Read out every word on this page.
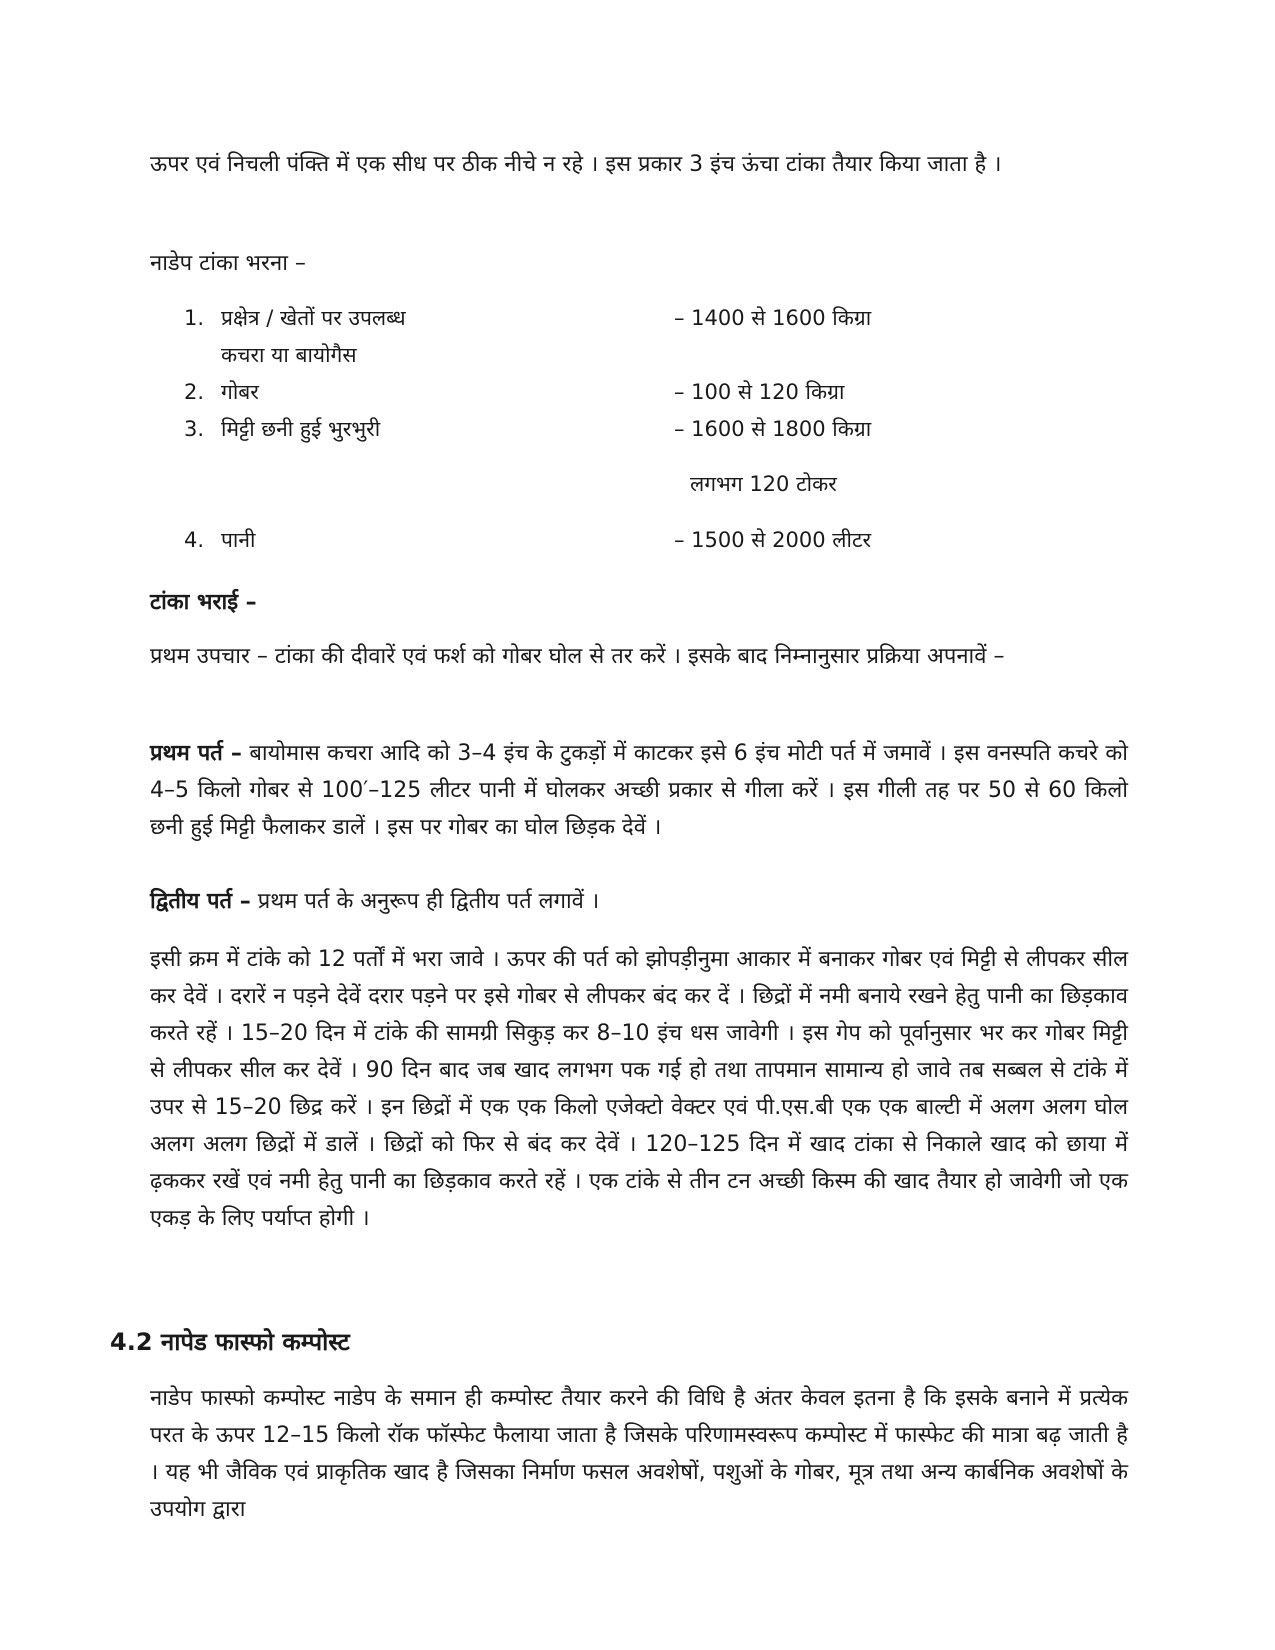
ऊपर एवं निचली पंक्ति में एक सीध पर ठीक नीचे न रहे । इस प्रकार 3 इंच ऊंचा टांका तैयार किया जाता है ।

नाडेप टांका भरना –

1. प्रक्षेत्र / खेतों पर उपलब्ध	– 1400 से 1600 किग्रा
कचरा या बायोगैस
2. गोबर	– 100 से 120 किग्रा
3. मिट्टी छनी हुई भुरभुरी	– 1600 से 1800 किग्रा
लगभग 120 टोकर
4. पानी	– 1500 से 2000 लीटर

टांका भराई –

प्रथम उपचार – टांका की दीवारें एवं फर्श को गोबर घोल से तर करें । इसके बाद निम्नानुसार प्रक्रिया अपनावें –

प्रथम पर्त – बायोमास कचरा आदि को 3–4 इंच के टुकड़ों में काटकर इसे 6 इंच मोटी पर्त में जमावें । इस वनस्पति कचरे को 4–5 किलो गोबर से 100′–125 लीटर पानी में घोलकर अच्छी प्रकार से गीला करें । इस गीली तह पर 50 से 60 किलो छनी हुई मिट्टी फैलाकर डालें । इस पर गोबर का घोल छिड़क देवें ।

द्वितीय पर्त – प्रथम पर्त के अनुरूप ही द्वितीय पर्त लगावें ।

इसी क्रम में टांके को 12 पर्तों में भरा जावे । ऊपर की पर्त को झोपड़ीनुमा आकार में बनाकर गोबर एवं मिट्टी से लीपकर सील कर देवें । दरारें न पड़ने देवें दरार पड़ने पर इसे गोबर से लीपकर बंद कर दें । छिद्रों में नमी बनाये रखने हेतु पानी का छिड़काव करते रहें । 15–20 दिन में टांके की सामग्री सिकुड़ कर 8–10 इंच धस जावेगी । इस गेप को पूर्वानुसार भर कर गोबर मिट्टी से लीपकर सील कर देवें । 90 दिन बाद जब खाद लगभग पक गई हो तथा तापमान सामान्य हो जावे तब सब्बल से टांके में उपर से 15–20 छिद्र करें । इन छिद्रों में एक एक किलो एजेक्टो वेक्टर एवं पी.एस.बी एक एक बाल्टी में अलग अलग घोल अलग अलग छिद्रों में डालें । छिद्रों को फिर से बंद कर देवें । 120–125 दिन में खाद टांका से निकाले खाद को छाया में ढ़ककर रखें एवं नमी हेतु पानी का छिड़काव करते रहें । एक टांके से तीन टन अच्छी किस्म की खाद तैयार हो जावेगी जो एक एकड़ के लिए पर्याप्त होगी ।

4.2 नापेड फास्फो कम्पोस्ट

नाडेप फास्फो कम्पोस्ट नाडेप के समान ही कम्पोस्ट तैयार करने की विधि है अंतर केवल इतना है कि इसके बनाने में प्रत्येक परत के ऊपर 12–15 किलो रॉक फॉस्फेट फैलाया जाता है जिसके परिणामस्वरूप कम्पोस्ट में फास्फेट की मात्रा बढ़ जाती है । यह भी जैविक एवं प्राकृतिक खाद है जिसका निर्माण फसल अवशेषों, पशुओं के गोबर, मूत्र तथा अन्य कार्बनिक अवशेषों के उपयोग द्वारा
